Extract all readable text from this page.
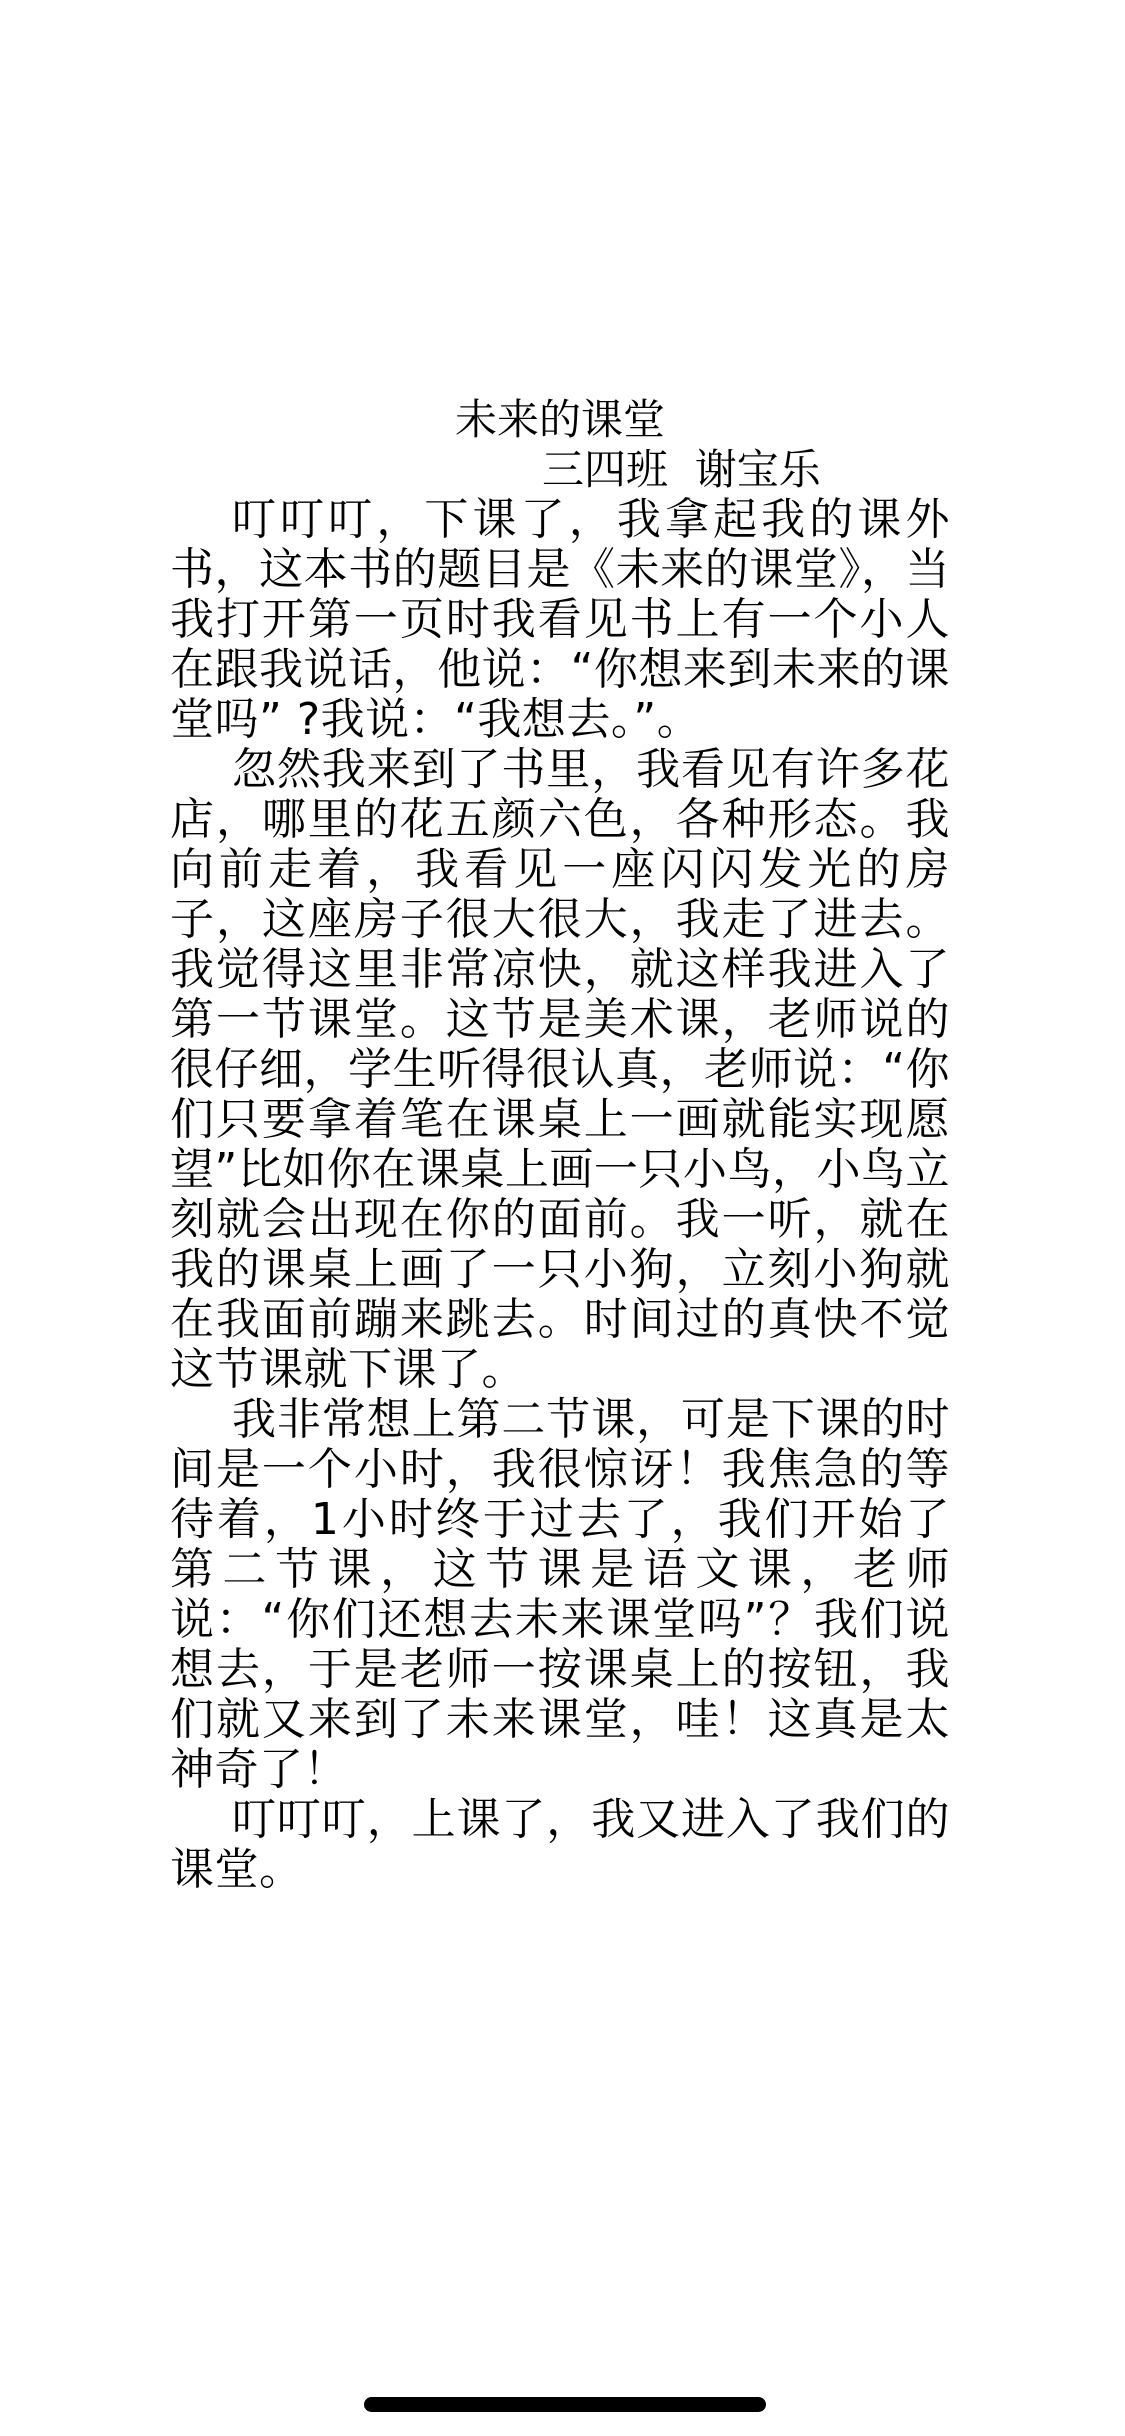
未来的课堂

三四班  谢宝乐

叮叮叮，下课了，我拿起我的课外书，这本书的题目是《未来的课堂》，当我打开第一页时我看见书上有一个小人在跟我说话，他说：“你想来到未来的课堂吗” ?我说：“我想去。”。

忽然我来到了书里，我看见有许多花店，哪里的花五颜六色，各种形态。我向前走着，我看见一座闪闪发光的房子，这座房子很大很大，我走了进去。我觉得这里非常凉快，就这样我进入了第一节课堂。这节是美术课，老师说的很仔细，学生听得很认真，老师说：“你们只要拿着笔在课桌上一画就能实现愿望”比如你在课桌上画一只小鸟，小鸟立刻就会出现在你的面前。我一听，就在我的课桌上画了一只小狗，立刻小狗就在我面前蹦来跳去。时间过的真快不觉这节课就下课了。

我非常想上第二节课，可是下课的时间是一个小时，我很惊讶！我焦急的等待着，1小时终于过去了，我们开始了第二节课，这节课是语文课，老师说：“你们还想去未来课堂吗”？我们说想去，于是老师一按课桌上的按钮，我们就又来到了未来课堂，哇！这真是太神奇了！

叮叮叮，上课了，我又进入了我们的课堂。
